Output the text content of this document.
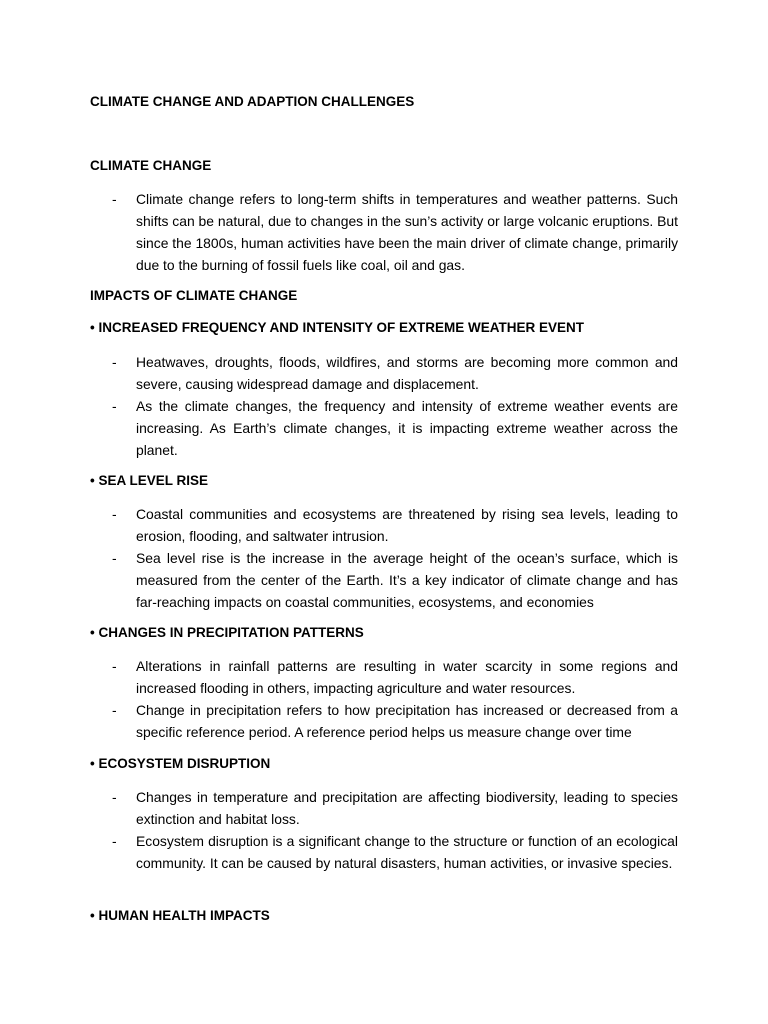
CLIMATE CHANGE AND ADAPTION CHALLENGES
CLIMATE CHANGE
- Climate change refers to long-term shifts in temperatures and weather patterns. Such shifts can be natural, due to changes in the sun’s activity or large volcanic eruptions. But since the 1800s, human activities have been the main driver of climate change, primarily due to the burning of fossil fuels like coal, oil and gas.
IMPACTS OF CLIMATE CHANGE
• INCREASED FREQUENCY AND INTENSITY OF EXTREME WEATHER EVENT
- Heatwaves, droughts, floods, wildfires, and storms are becoming more common and severe, causing widespread damage and displacement.
- As the climate changes, the frequency and intensity of extreme weather events are increasing. As Earth’s climate changes, it is impacting extreme weather across the planet.
• SEA LEVEL RISE
- Coastal communities and ecosystems are threatened by rising sea levels, leading to erosion, flooding, and saltwater intrusion.
- Sea level rise is the increase in the average height of the ocean’s surface, which is measured from the center of the Earth. It’s a key indicator of climate change and has far-reaching impacts on coastal communities, ecosystems, and economies
• CHANGES IN PRECIPITATION PATTERNS
- Alterations in rainfall patterns are resulting in water scarcity in some regions and increased flooding in others, impacting agriculture and water resources.
- Change in precipitation refers to how precipitation has increased or decreased from a specific reference period. A reference period helps us measure change over time
• ECOSYSTEM DISRUPTION
- Changes in temperature and precipitation are affecting biodiversity, leading to species extinction and habitat loss.
- Ecosystem disruption is a significant change to the structure or function of an ecological community. It can be caused by natural disasters, human activities, or invasive species.
• HUMAN HEALTH IMPACTS
